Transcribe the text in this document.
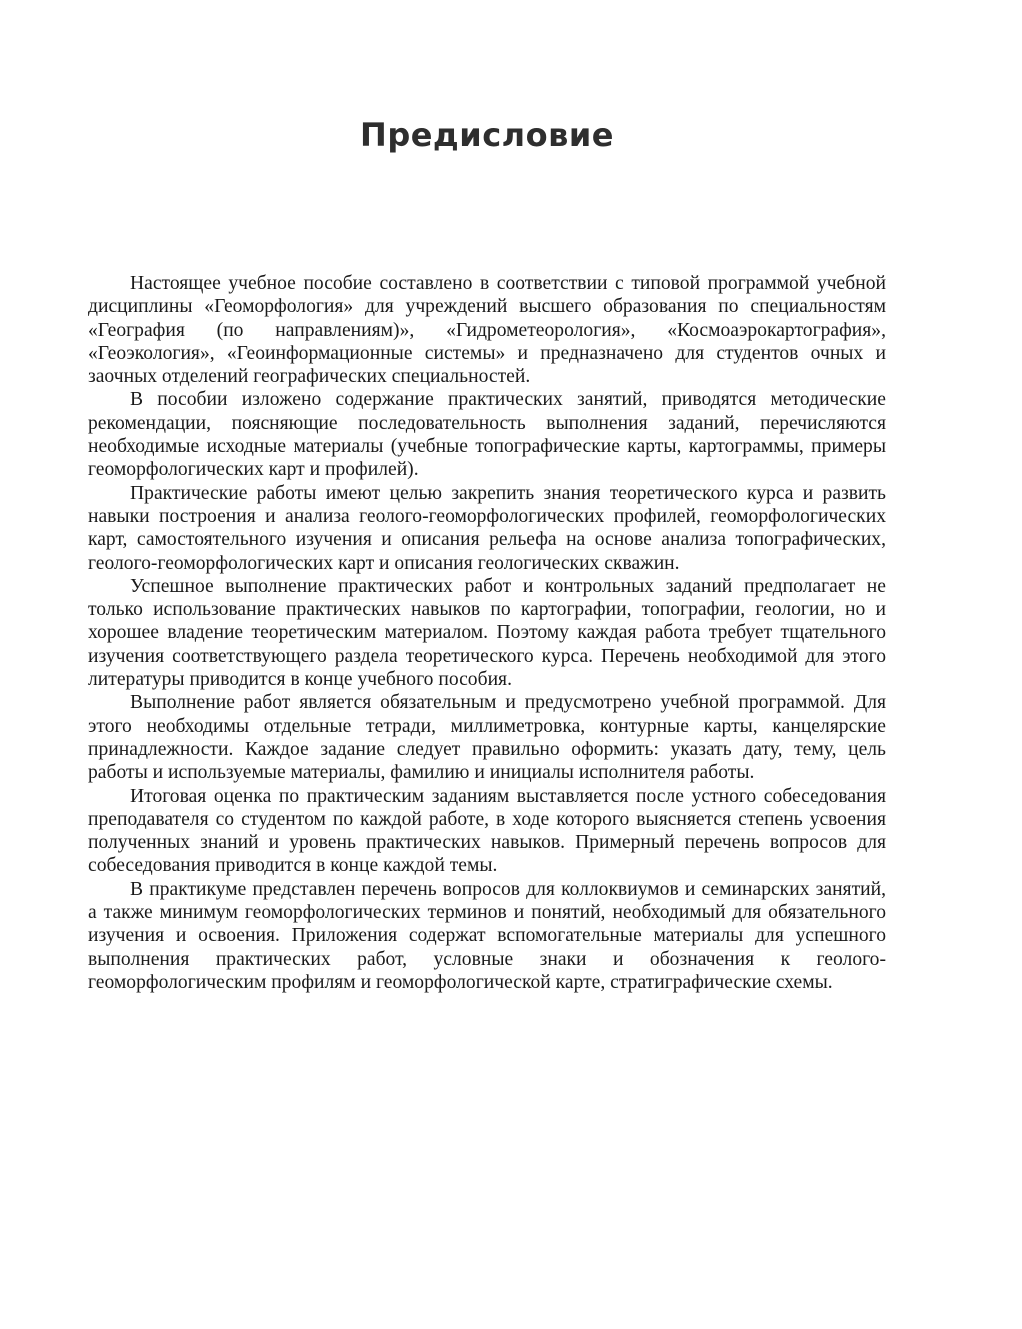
Предисловие

Настоящее учебное пособие составлено в соответствии с типовой программой учебной дисциплины «Геоморфология» для учреждений высшего образования по специальностям «География (по направлениям)», «Гидрометеорология», «Космоаэрокартография», «Геоэкология», «Геоинформационные системы» и предназначено для студентов очных и заочных отделений географических специальностей.

В пособии изложено содержание практических занятий, приводятся методические рекомендации, поясняющие последовательность выполнения заданий, перечисляются необходимые исходные материалы (учебные топографические карты, картограммы, примеры геоморфологических карт и профилей).

Практические работы имеют целью закрепить знания теоретического курса и развить навыки построения и анализа геолого-геоморфологических профилей, геоморфологических карт, самостоятельного изучения и описания рельефа на основе анализа топографических, геолого-геоморфологических карт и описания геологических скважин.

Успешное выполнение практических работ и контрольных заданий предполагает не только использование практических навыков по картографии, топографии, геологии, но и хорошее владение теоретическим материалом. Поэтому каждая работа требует тщательного изучения соответствующего раздела теоретического курса. Перечень необходимой для этого литературы приводится в конце учебного пособия.

Выполнение работ является обязательным и предусмотрено учебной программой. Для этого необходимы отдельные тетради, миллиметровка, контурные карты, канцелярские принадлежности. Каждое задание следует правильно оформить: указать дату, тему, цель работы и используемые материалы, фамилию и инициалы исполнителя работы.

Итоговая оценка по практическим заданиям выставляется после устного собеседования преподавателя со студентом по каждой работе, в ходе которого выясняется степень усвоения полученных знаний и уровень практических навыков. Примерный перечень вопросов для собеседования приводится в конце каждой темы.

В практикуме представлен перечень вопросов для коллоквиумов и семинарских занятий, а также минимум геоморфологических терминов и понятий, необходимый для обязательного изучения и освоения. Приложения содержат вспомогательные материалы для успешного выполнения практических работ, условные знаки и обозначения к геолого-геоморфологическим профилям и геоморфологической карте, стратиграфические схемы.
